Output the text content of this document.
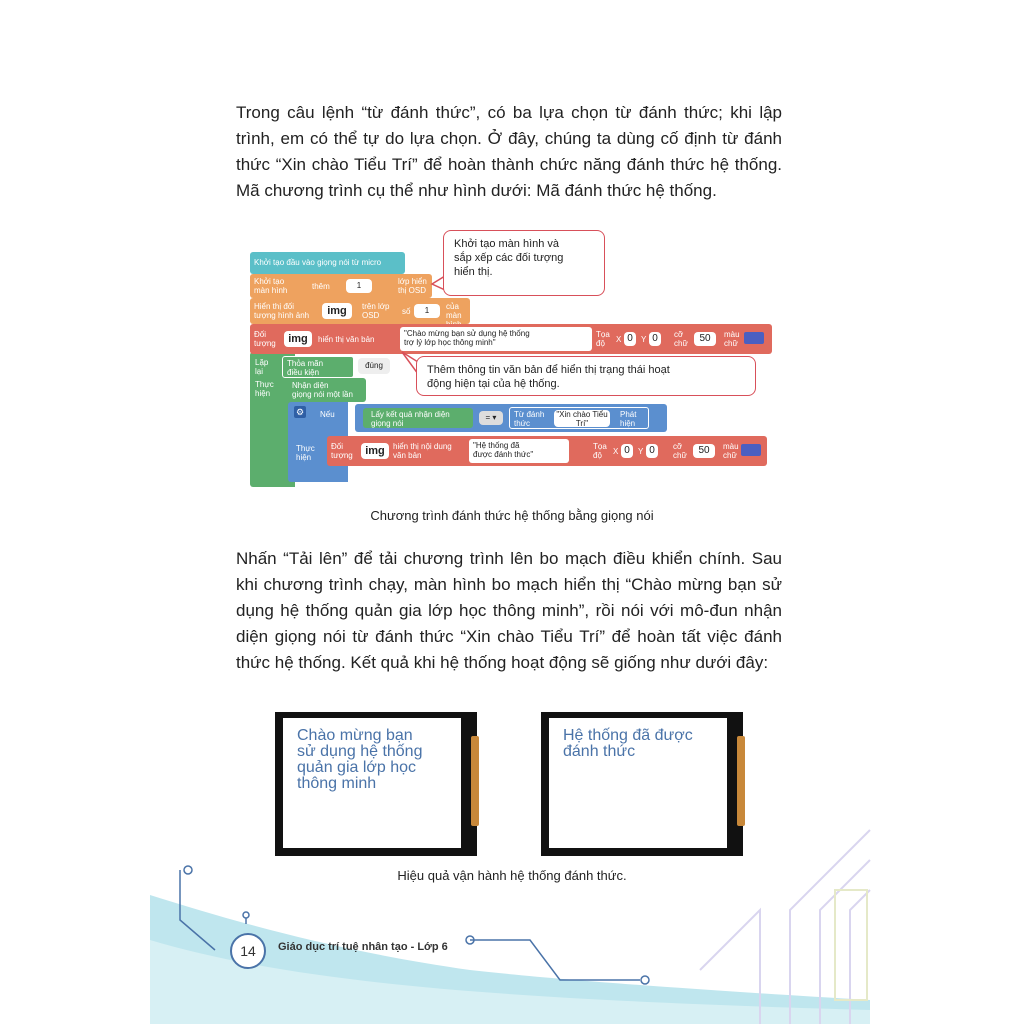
Trong câu lệnh “từ đánh thức”, có ba lựa chọn từ đánh thức; khi lập trình, em có thể tự do lựa chọn. Ở đây, chúng ta dùng cố định từ đánh thức “Xin chào Tiểu Trí” để hoàn thành chức năng đánh thức hệ thống. Mã chương trình cụ thể như hình dưới: Mã đánh thức hệ thống.

Khởi tạo đầu vào giọng nói từ micro
Khởi tạo
màn hình	thêm	1	lớp hiển
thị OSD
Hiển thị đối
tượng hình ảnh	img	trên lớp
OSD	số	1	của
màn
Đối
tượng	img	hiển thị văn bản
"Chào mừng bạn sử dụng hệ thống
trợ lý lớp học thông minh"
Tọa
độ	X 0	Y 0	cỡ
chữ	50	màu
chữ
Lặp
lại
Thực
hiện
Thỏa mãn
điều kiện
đúng
Nhận diện
giọng nói một lần
⚙ Nếu
Thực
hiện
Lấy kết quả nhận diện
giọng nói
= ▾	Từ đánh
thức
"Xin chào Tiểu Trí"
Phát
hiện
Đối
tượng	img	hiển thị nội dung
văn bản
"Hệ thống đã
được đánh thức"
Tọa
độ	X 0	Y 0	cỡ
chữ	50	màu
chữ
Khởi tạo màn hình và
sắp xếp các đối tượng
hiển thị.
Thêm thông tin văn bản để hiển thị trạng thái hoạt
động hiện tại của hệ thống.
Chương trình đánh thức hệ thống bằng giọng nói

Nhấn “Tải lên” để tải chương trình lên bo mạch điều khiển chính. Sau khi chương trình chạy, màn hình bo mạch hiển thị “Chào mừng bạn sử dụng hệ thống quản gia lớp học thông minh”, rồi nói với mô-đun nhận diện giọng nói từ đánh thức “Xin chào Tiểu Trí” để hoàn tất việc đánh thức hệ thống. Kết quả khi hệ thống hoạt động sẽ giống như dưới đây:

Chào mừng bạn
sử dụng hệ thống
quản gia lớp học
thông minh
Hệ thống đã được
đánh thức
Hiệu quả vận hành hệ thống đánh thức.
14	Giáo dục trí tuệ nhân tạo - Lớp 6
